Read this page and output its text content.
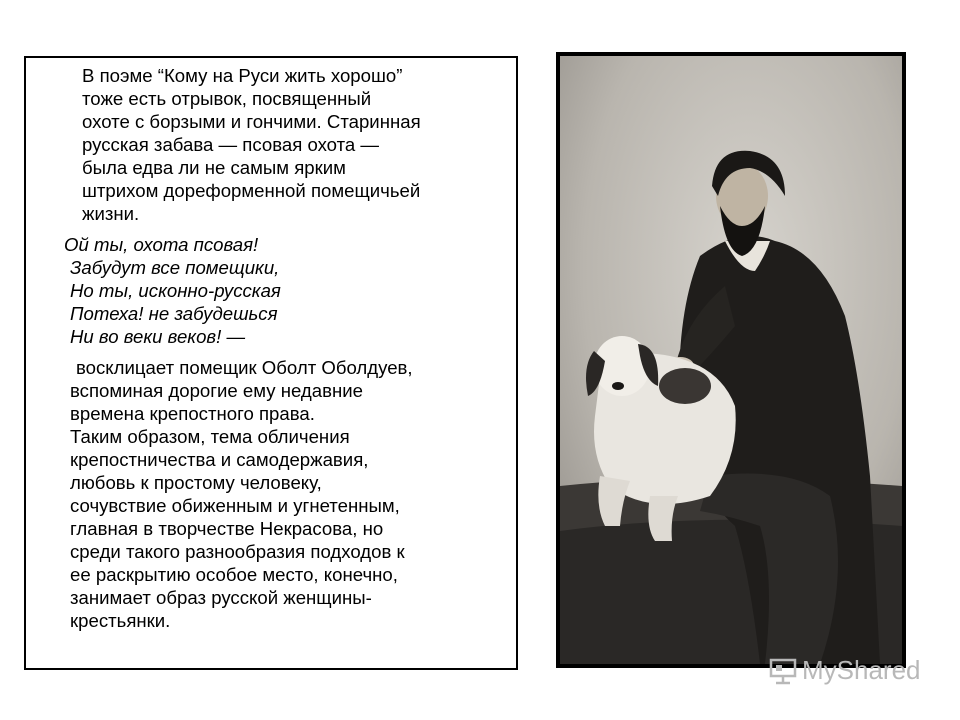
В поэме “Кому на Руси жить хорошо”
тоже есть отрывок, посвященный
охоте с борзыми и гончими. Старинная
русская забава — псовая охота —
была едва ли не самым ярким
штрихом дореформенной помещичьей
жизни.
Ой ты, охота псовая!
Забудут все помещики,
Но ты, исконно-русская
Потеха! не забудешься
Ни во веки веков! —
восклицает помещик Оболт Оболдуев,
вспоминая дорогие ему недавние
времена крепостного права.
Таким образом, тема обличения
крепостничества и самодержавия,
любовь к простому человеку,
сочувствие обиженным и угнетенным,
главная в творчестве Некрасова, но
среди такого разнообразия подходов к
ее раскрытию особое место, конечно,
занимает образ русской женщины-
крестьянки.
MyShared
